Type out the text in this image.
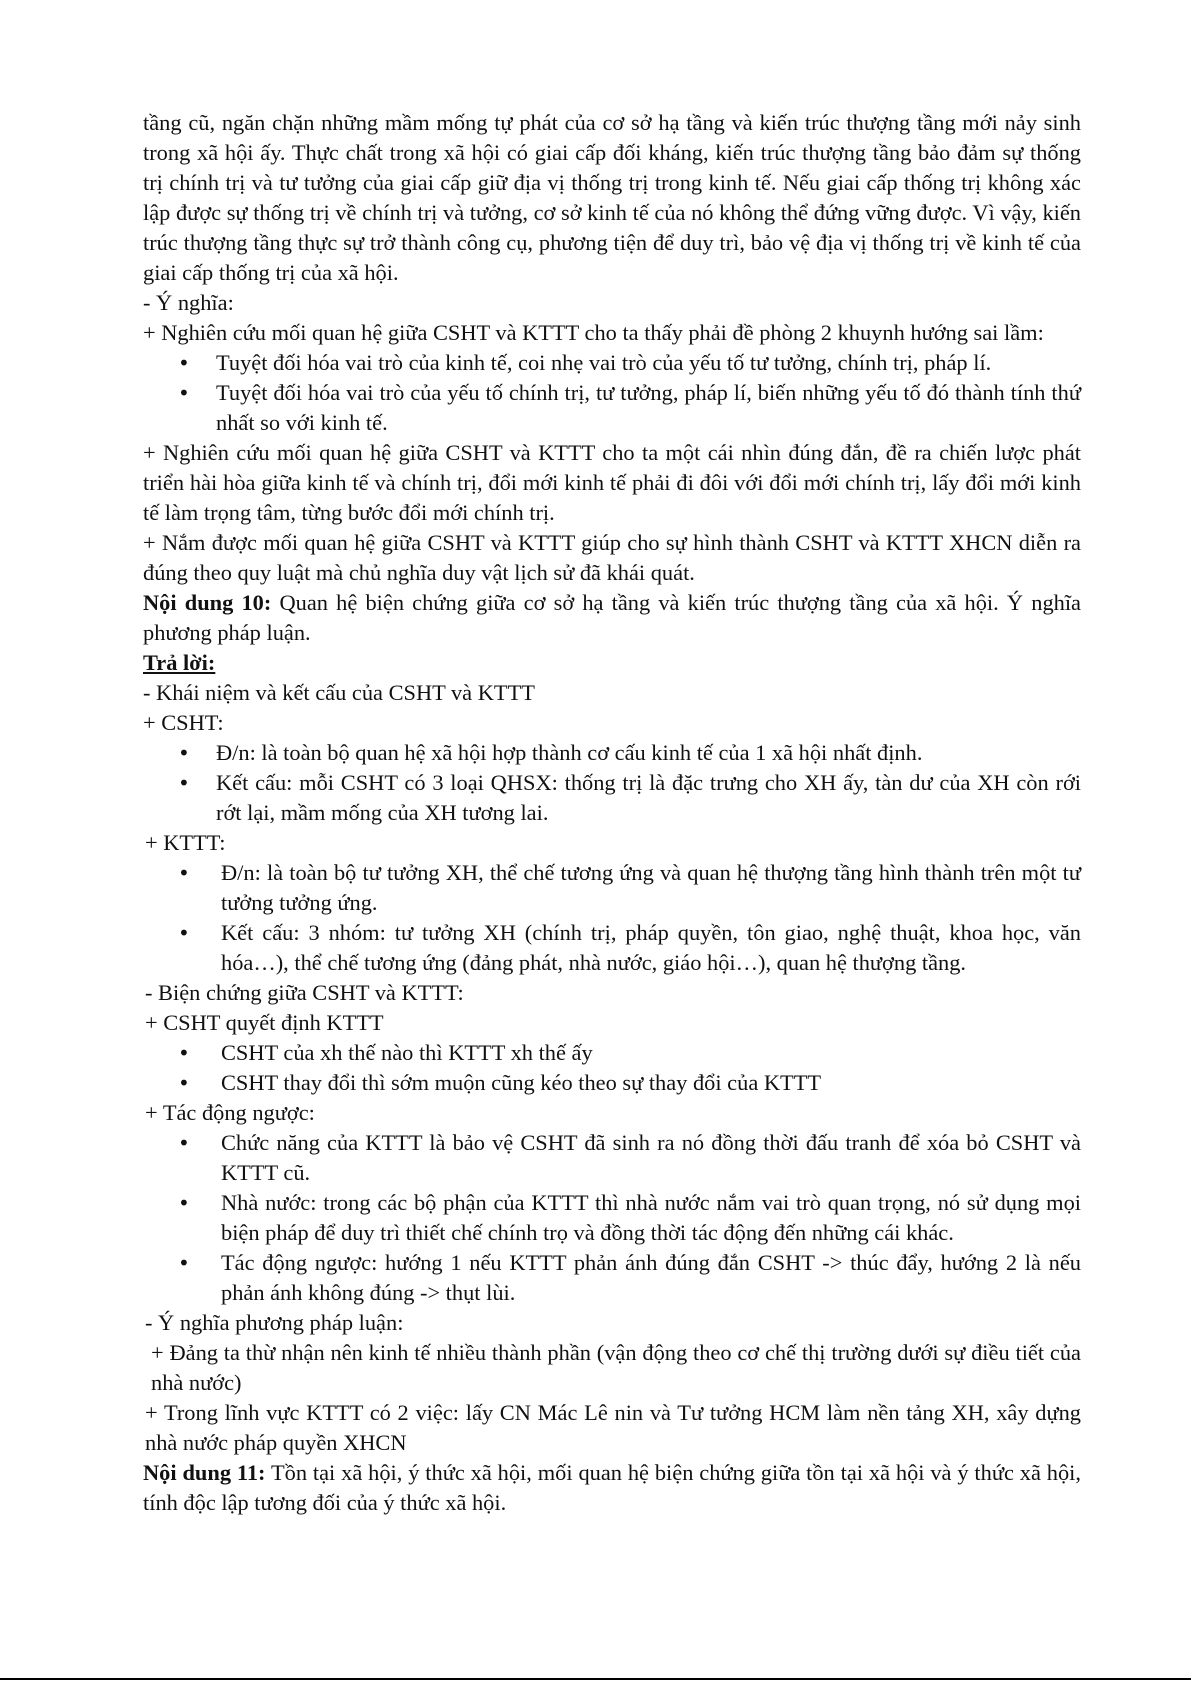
tầng cũ, ngăn chặn những mầm mống tự phát của cơ sở hạ tầng và kiến trúc thượng tầng mới nảy sinh trong xã hội ấy. Thực chất trong xã hội có giai cấp đối kháng, kiến trúc thượng tầng bảo đảm sự thống trị chính trị và tư tưởng của giai cấp giữ địa vị thống trị trong kinh tế. Nếu giai cấp thống trị không xác lập được sự thống trị về chính trị và tưởng, cơ sở kinh tế của nó không thể đứng vững được. Vì vậy, kiến trúc thượng tầng thực sự trở thành công cụ, phương tiện để duy trì, bảo vệ địa vị thống trị về kinh tế của giai cấp thống trị của xã hội.

- Ý nghĩa:

+ Nghiên cứu mối quan hệ giữa CSHT và KTTT cho ta thấy phải đề phòng 2 khuynh hướng sai lầm:

• Tuyệt đối hóa vai trò của kinh tế, coi nhẹ vai trò của yếu tố tư tưởng, chính trị, pháp lí.
• Tuyệt đối hóa vai trò của yếu tố chính trị, tư tưởng, pháp lí, biến những yếu tố đó thành tính thứ nhất so với kinh tế.

+ Nghiên cứu mối quan hệ giữa CSHT và KTTT cho ta một cái nhìn đúng đắn, đề ra chiến lược phát triển hài hòa giữa kinh tế và chính trị, đổi mới kinh tế phải đi đôi với đổi mới chính trị, lấy đổi mới kinh tế làm trọng tâm, từng bước đổi mới chính trị.

+ Nắm được mối quan hệ giữa CSHT và KTTT giúp cho sự hình thành CSHT và KTTT XHCN diễn ra đúng theo quy luật mà chủ nghĩa duy vật lịch sử đã khái quát.

Nội dung 10: Quan hệ biện chứng giữa cơ sở hạ tầng và kiến trúc thượng tầng của xã hội. Ý nghĩa phương pháp luận.

Trả lời:

- Khái niệm và kết cấu của CSHT và KTTT

+ CSHT:

• Đ/n: là toàn bộ quan hệ xã hội hợp thành cơ cấu kinh tế của 1 xã hội nhất định.
• Kết cấu: mỗi CSHT có 3 loại QHSX: thống trị là đặc trưng cho XH ấy, tàn dư của XH còn rới rớt lại, mầm mống của XH tương lai.

+ KTTT:

• Đ/n: là toàn bộ tư tưởng XH, thể chế tương ứng và quan hệ thượng tầng hình thành trên một tư tưởng tưởng ứng.
• Kết cấu: 3 nhóm: tư tưởng XH (chính trị, pháp quyền, tôn giao, nghệ thuật, khoa học, văn hóa…), thể chế tương ứng (đảng phát, nhà nước, giáo hội…), quan hệ thượng tầng.

- Biện chứng giữa CSHT và KTTT:

+ CSHT quyết định KTTT

• CSHT của xh thế nào thì KTTT xh thế ấy
• CSHT thay đổi thì sớm muộn cũng kéo theo sự thay đổi của KTTT

+ Tác động ngược:

• Chức năng của KTTT là bảo vệ CSHT đã sinh ra nó đồng thời đấu tranh để xóa bỏ CSHT và KTTT cũ.
• Nhà nước: trong các bộ phận của KTTT thì nhà nước nắm vai trò quan trọng, nó sử dụng mọi biện pháp để duy trì thiết chế chính trọ và đồng thời tác động đến những cái khác.
• Tác động ngược: hướng 1 nếu KTTT phản ánh đúng đắn CSHT -> thúc đẩy, hướng 2 là nếu phản ánh không đúng -> thụt lùi.

- Ý nghĩa phương pháp luận:

+ Đảng ta thừ nhận nên kinh tế nhiều thành phần (vận động theo cơ chế thị trường dưới sự điều tiết của nhà nước)

+ Trong lĩnh vực KTTT có 2 việc: lấy CN Mác Lê nin và Tư tưởng HCM làm nền tảng XH, xây dựng nhà nước pháp quyền XHCN

Nội dung 11: Tồn tại xã hội, ý thức xã hội, mối quan hệ biện chứng giữa tồn tại xã hội và ý thức xã hội, tính độc lập tương đối của ý thức xã hội.
